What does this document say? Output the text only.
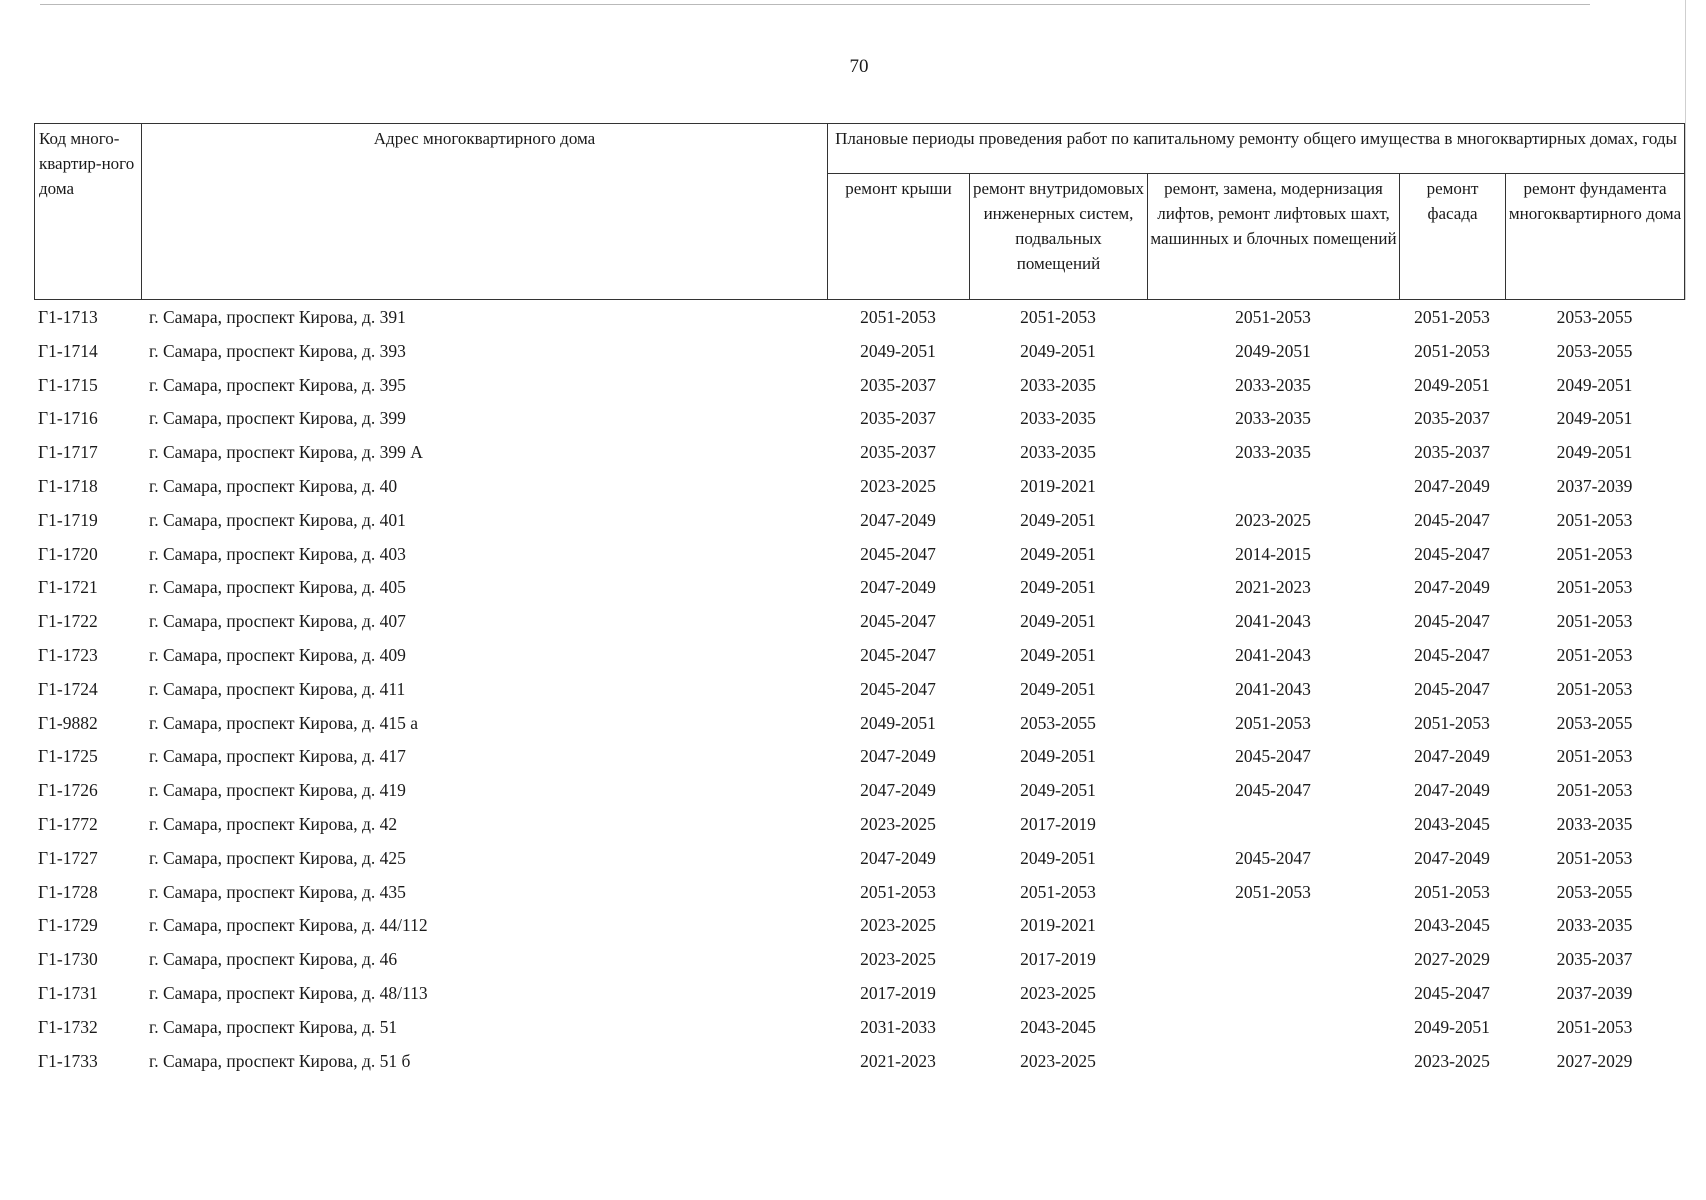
70
Код много-квартир-ного дома	Адрес многоквартирного дома	Плановые периоды проведения работ по капитальному ремонту общего имущества в многоквартирных домах, годы				
		ремонт крыши	ремонт внутридомовых инженерных систем, подвальных помещений	ремонт, замена, модернизация лифтов, ремонт лифтовых шахт, машинных и блочных помещений	ремонт фасада	ремонт фундамента многоквартирного дома
Г1-1713	г. Самара, проспект Кирова, д. 391	2051-2053	2051-2053	2051-2053	2051-2053	2053-2055
Г1-1714	г. Самара, проспект Кирова, д. 393	2049-2051	2049-2051	2049-2051	2051-2053	2053-2055
Г1-1715	г. Самара, проспект Кирова, д. 395	2035-2037	2033-2035	2033-2035	2049-2051	2049-2051
Г1-1716	г. Самара, проспект Кирова, д. 399	2035-2037	2033-2035	2033-2035	2035-2037	2049-2051
Г1-1717	г. Самара, проспект Кирова, д. 399 А	2035-2037	2033-2035	2033-2035	2035-2037	2049-2051
Г1-1718	г. Самара, проспект Кирова, д. 40	2023-2025	2019-2021		2047-2049	2037-2039
Г1-1719	г. Самара, проспект Кирова, д. 401	2047-2049	2049-2051	2023-2025	2045-2047	2051-2053
Г1-1720	г. Самара, проспект Кирова, д. 403	2045-2047	2049-2051	2014-2015	2045-2047	2051-2053
Г1-1721	г. Самара, проспект Кирова, д. 405	2047-2049	2049-2051	2021-2023	2047-2049	2051-2053
Г1-1722	г. Самара, проспект Кирова, д. 407	2045-2047	2049-2051	2041-2043	2045-2047	2051-2053
Г1-1723	г. Самара, проспект Кирова, д. 409	2045-2047	2049-2051	2041-2043	2045-2047	2051-2053
Г1-1724	г. Самара, проспект Кирова, д. 411	2045-2047	2049-2051	2041-2043	2045-2047	2051-2053
Г1-9882	г. Самара, проспект Кирова, д. 415 а	2049-2051	2053-2055	2051-2053	2051-2053	2053-2055
Г1-1725	г. Самара, проспект Кирова, д. 417	2047-2049	2049-2051	2045-2047	2047-2049	2051-2053
Г1-1726	г. Самара, проспект Кирова, д. 419	2047-2049	2049-2051	2045-2047	2047-2049	2051-2053
Г1-1772	г. Самара, проспект Кирова, д. 42	2023-2025	2017-2019		2043-2045	2033-2035
Г1-1727	г. Самара, проспект Кирова, д. 425	2047-2049	2049-2051	2045-2047	2047-2049	2051-2053
Г1-1728	г. Самара, проспект Кирова, д. 435	2051-2053	2051-2053	2051-2053	2051-2053	2053-2055
Г1-1729	г. Самара, проспект Кирова, д. 44/112	2023-2025	2019-2021		2043-2045	2033-2035
Г1-1730	г. Самара, проспект Кирова, д. 46	2023-2025	2017-2019		2027-2029	2035-2037
Г1-1731	г. Самара, проспект Кирова, д. 48/113	2017-2019	2023-2025		2045-2047	2037-2039
Г1-1732	г. Самара, проспект Кирова, д. 51	2031-2033	2043-2045		2049-2051	2051-2053
Г1-1733	г. Самара, проспект Кирова, д. 51 б	2021-2023	2023-2025		2023-2025	2027-2029
